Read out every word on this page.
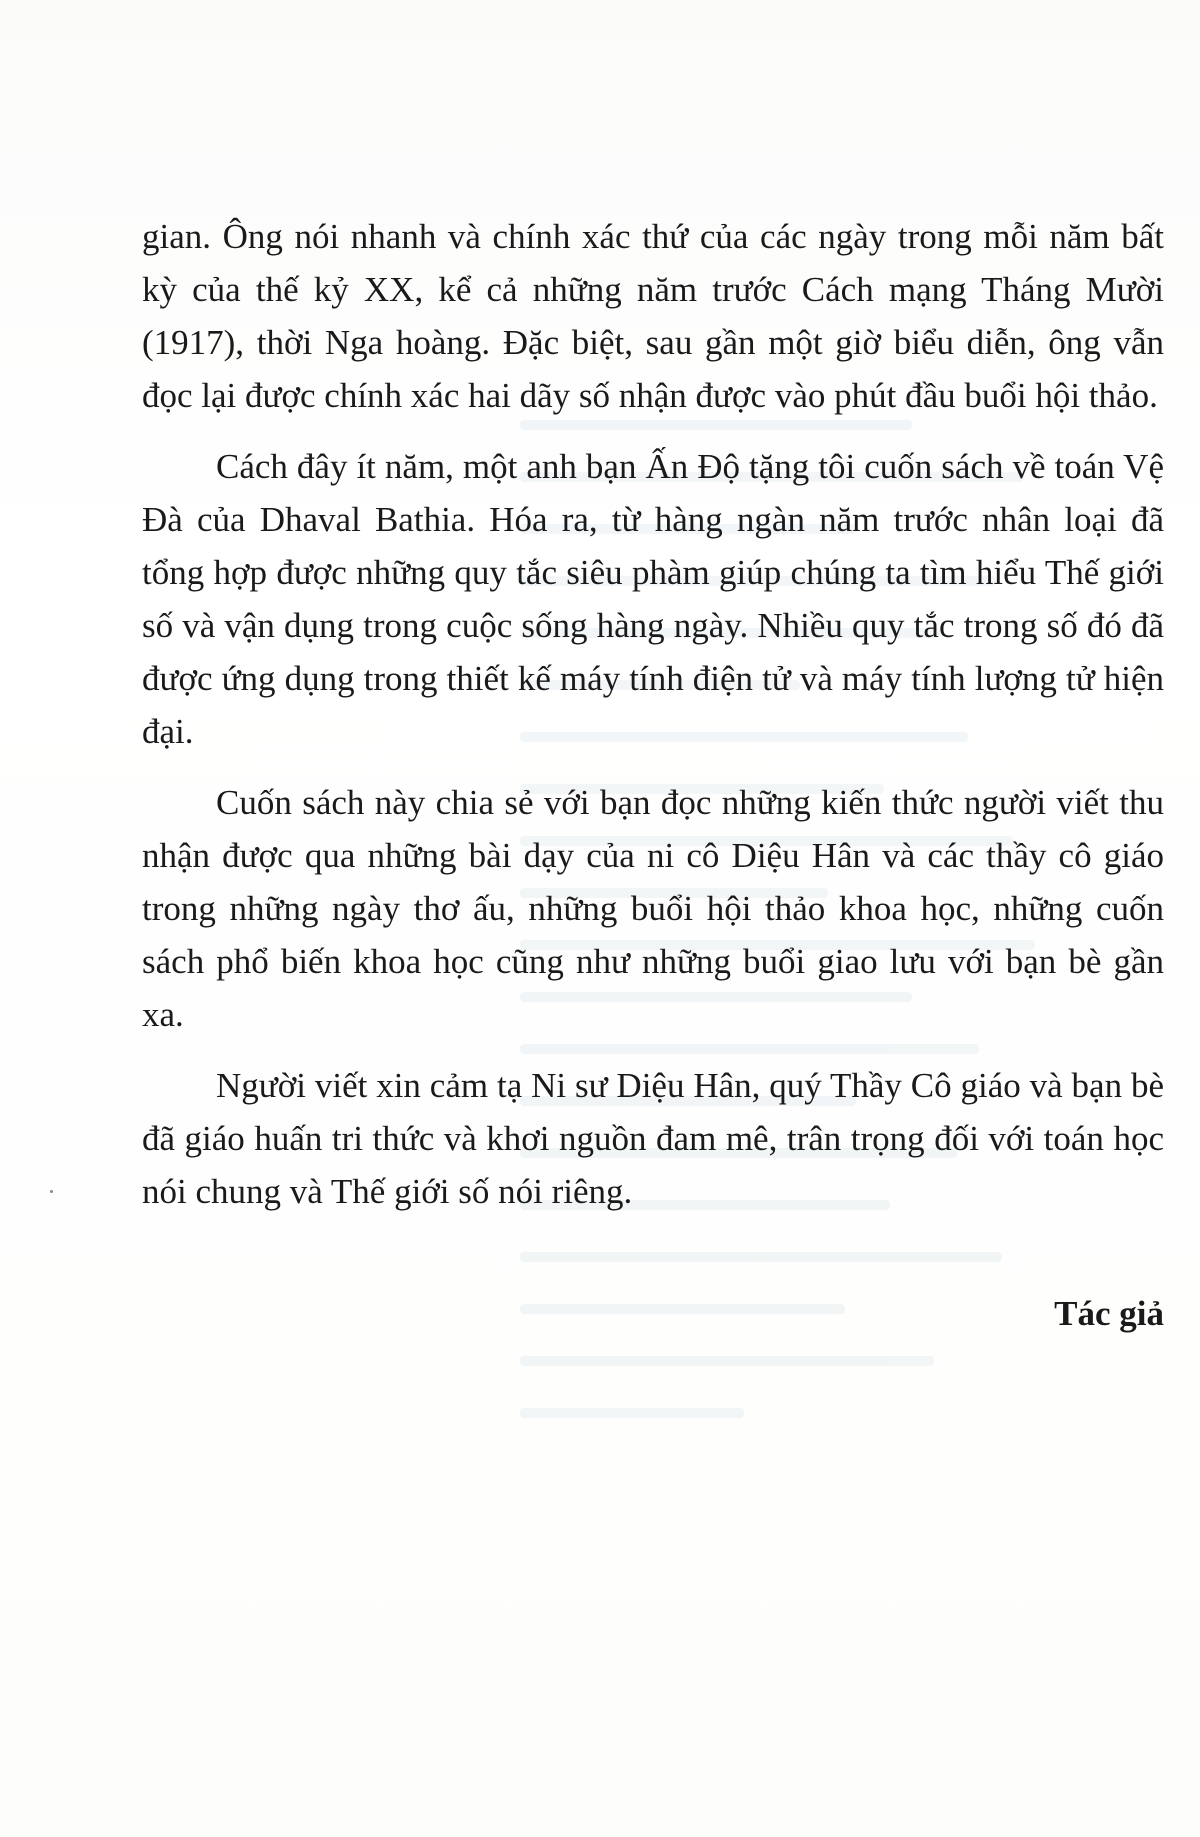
gian. Ông nói nhanh và chính xác thứ của các ngày trong mỗi năm bất kỳ của thế kỷ XX, kể cả những năm trước Cách mạng Tháng Mười (1917), thời Nga hoàng. Đặc biệt, sau gần một giờ biểu diễn, ông vẫn đọc lại được chính xác hai dãy số nhận được vào phút đầu buổi hội thảo.

Cách đây ít năm, một anh bạn Ấn Độ tặng tôi cuốn sách về toán Vệ Đà của Dhaval Bathia. Hóa ra, từ hàng ngàn năm trước nhân loại đã tổng hợp được những quy tắc siêu phàm giúp chúng ta tìm hiểu Thế giới số và vận dụng trong cuộc sống hàng ngày. Nhiều quy tắc trong số đó đã được ứng dụng trong thiết kế máy tính điện tử và máy tính lượng tử hiện đại.

Cuốn sách này chia sẻ với bạn đọc những kiến thức người viết thu nhận được qua những bài dạy của ni cô Diệu Hân và các thầy cô giáo trong những ngày thơ ấu, những buổi hội thảo khoa học, những cuốn sách phổ biến khoa học cũng như những buổi giao lưu với bạn bè gần xa.

Người viết xin cảm tạ Ni sư Diệu Hân, quý Thầy Cô giáo và bạn bè đã giáo huấn tri thức và khơi nguồn đam mê, trân trọng đối với toán học nói chung và Thế giới số nói riêng.

Tác giả
